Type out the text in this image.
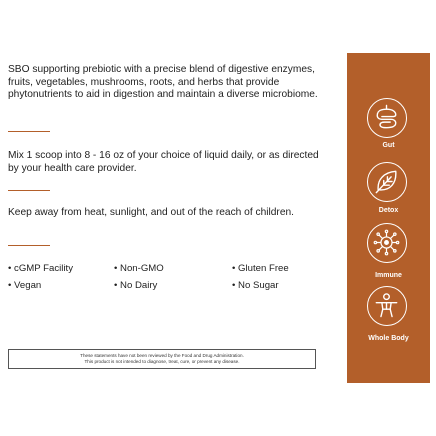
SBO supporting prebiotic with a precise blend of digestive enzymes, fruits, vegetables, mushrooms, roots, and herbs that provide phytonutrients to aid in digestion and maintain a diverse microbiome.

Mix 1 scoop into 8 - 16 oz of your choice of liquid daily, or as directed by your health care provider.

Keep away from heat, sunlight, and out of the reach of children.

• cGMP Facility	• Non-GMO	• Gluten Free
• Vegan	• No Dairy	• No Sugar
These statements have not been reviewed by the Food and Drug Administration.
This product is not intended to diagnose, treat, cure, or prevent any disease.
Gut
Detox
Immune
Whole Body
